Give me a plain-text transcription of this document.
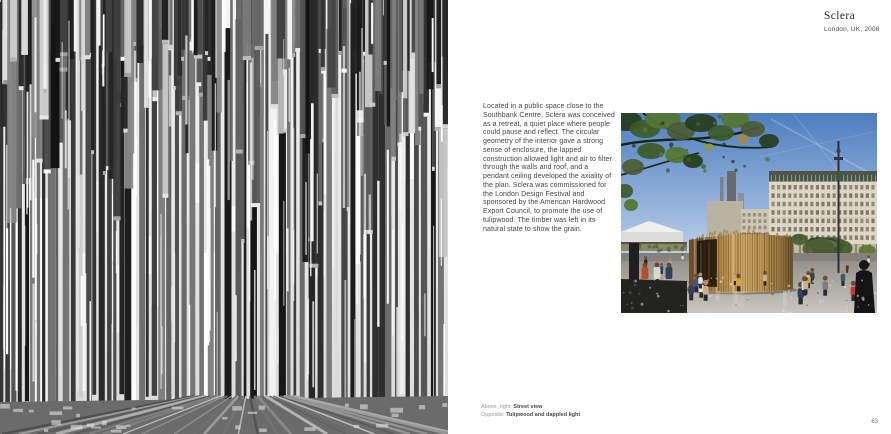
Sclera
London, UK, 2008

Located in a public space close to the Southbank Centre, Sclera was conceived as a retreat, a quiet place where people could pause and reflect. The circular geometry of the interior gave a strong sense of enclosure, the lapped construction allowed light and air to filter through the walls and roof, and a pendant ceiling developed the axiality of the plan. Sclera was commissioned for the London Design Festival and sponsored by the American Hardwood Export Council, to promote the use of tulipwood. The timber was left in its natural state to show the grain.

Above, right: Street view
Opposite: Tulipwood and dappled light
63
